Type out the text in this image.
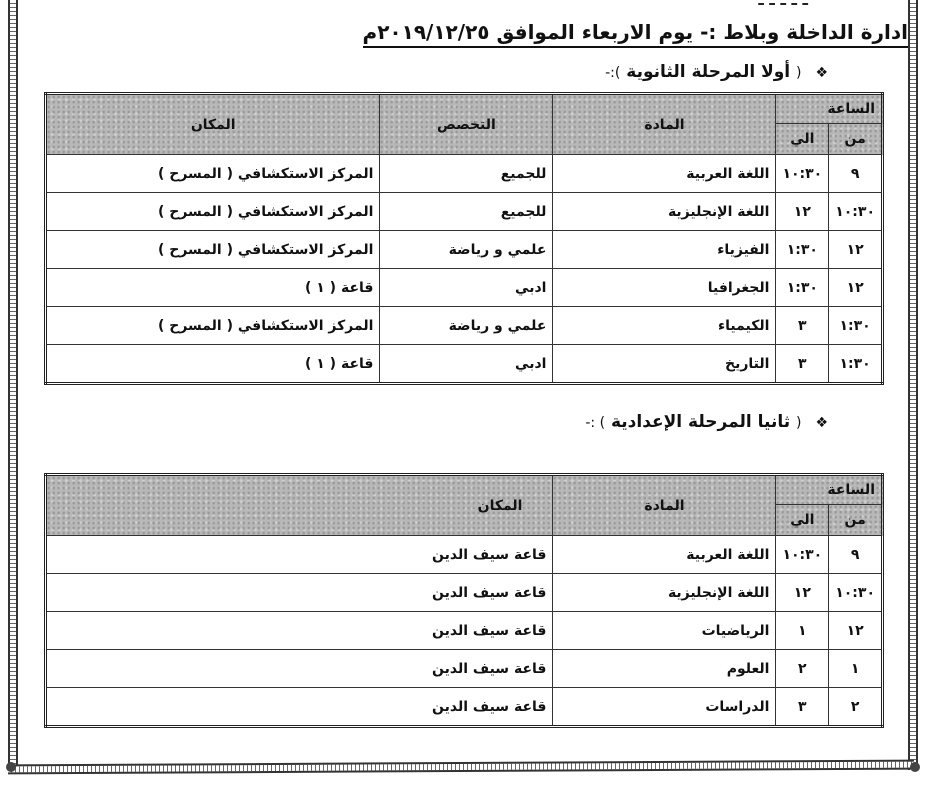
ادارة الداخلة وبلاط :- يوم الاربعاء الموافق ٢٠١٩/١٢/٢٥م
❖ ( أولا المرحلة الثانوية ):-
الساعة		المادة	التخصص	المكان
من	الي			
٩	١٠:٣٠	اللغة العربية	للجميع	المركز الاستكشافي ( المسرح )
١٠:٣٠	١٢	اللغة الإنجليزية	للجميع	المركز الاستكشافي ( المسرح )
١٢	١:٣٠	الفيزياء	علمي و رياضة	المركز الاستكشافي ( المسرح )
١٢	١:٣٠	الجغرافيا	ادبي	قاعة ( ١ )
١:٣٠	٣	الكيمياء	علمي و رياضة	المركز الاستكشافي ( المسرح )
١:٣٠	٣	التاريخ	ادبي	قاعة ( ١ )
❖ ( ثانيا المرحلة الإعدادية ) :-
الساعة		المادة	المكان
من	الي		
٩	١٠:٣٠	اللغة العربية	قاعة سيف الدين
١٠:٣٠	١٢	اللغة الإنجليزية	قاعة سيف الدين
١٢	١	الرياضيات	قاعة سيف الدين
١	٢	العلوم	قاعة سيف الدين
٢	٣	الدراسات	قاعة سيف الدين
